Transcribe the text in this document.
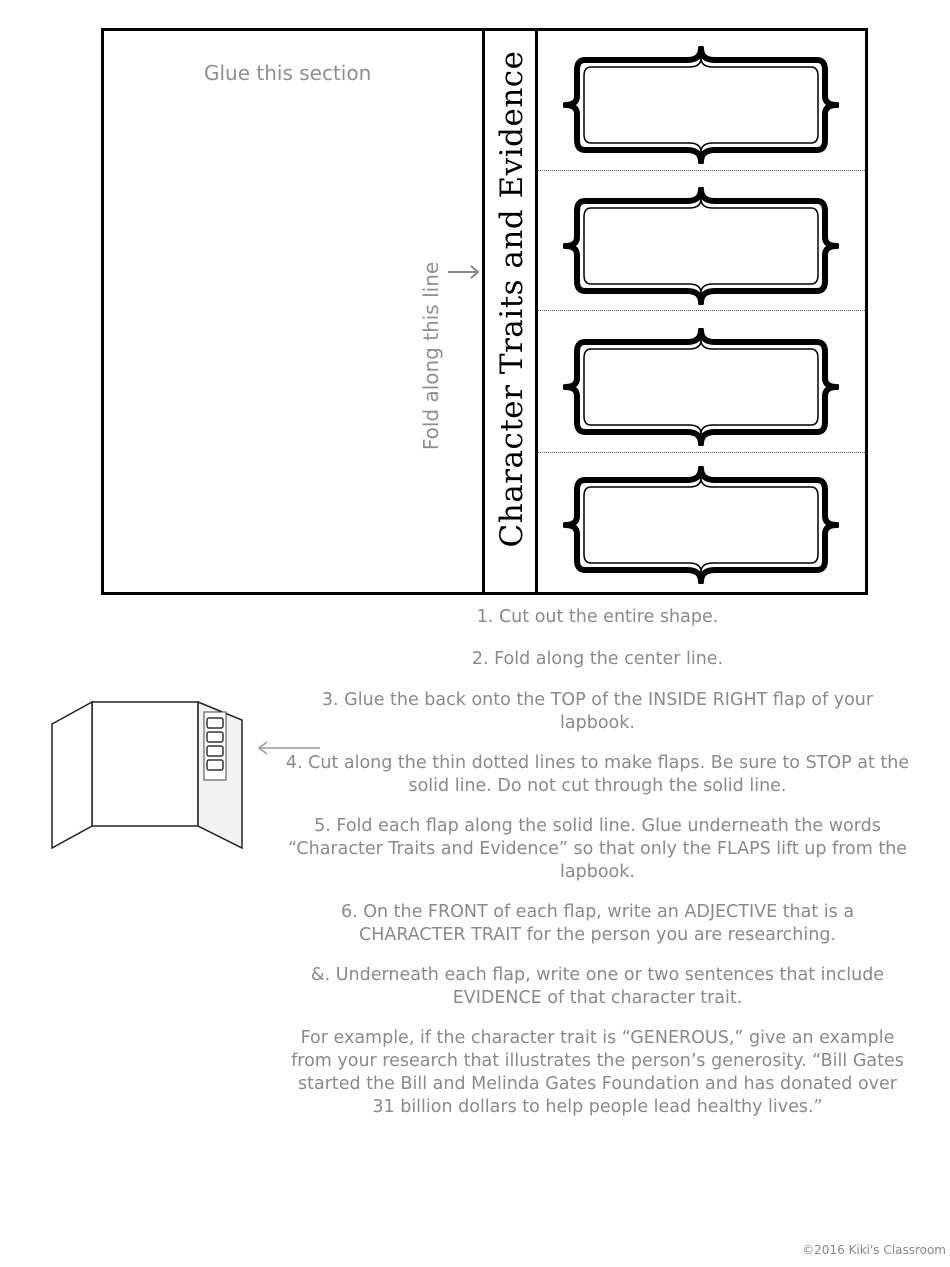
Glue this section
Fold along this line Character Traits and Evidence

1. Cut out the entire shape.

2. Fold along the center line.

3. Glue the back onto the TOP of the INSIDE RIGHT flap of your lapbook.

4. Cut along the thin dotted lines to make flaps. Be sure to STOP at the solid line. Do not cut through the solid line.

5. Fold each flap along the solid line. Glue underneath the words “Character Traits and Evidence” so that only the FLAPS lift up from the lapbook.

6. On the FRONT of each flap, write an ADJECTIVE that is a CHARACTER TRAIT for the person you are researching.

&. Underneath each flap, write one or two sentences that include EVIDENCE of that character trait.

For example, if the character trait is “GENEROUS,” give an example from your research that illustrates the person’s generosity. “Bill Gates started the Bill and Melinda Gates Foundation and has donated over 31 billion dollars to help people lead healthy lives.”

©2016 Kiki's Classroom
